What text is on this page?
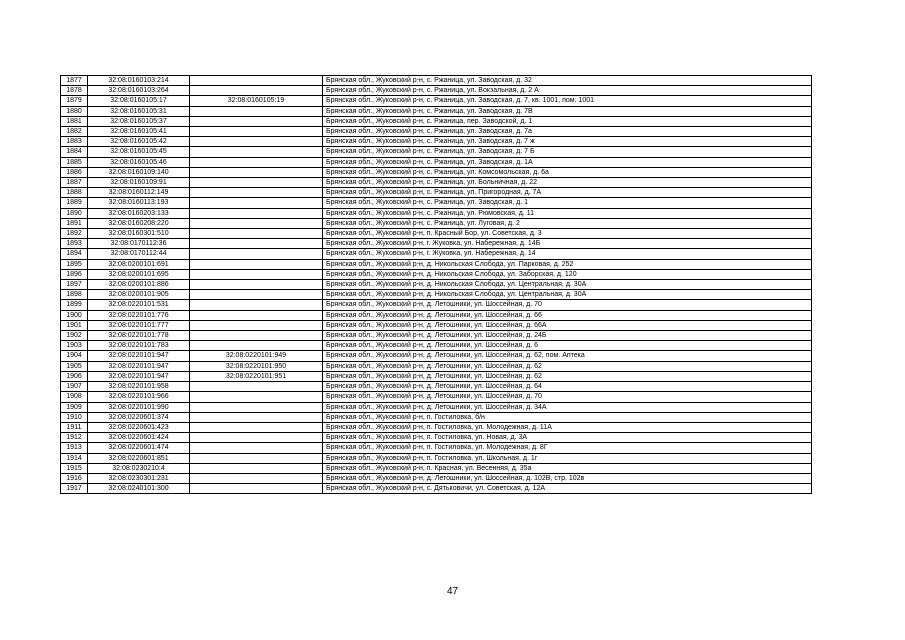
1877	32:08:0160103:214		Брянская обл., Жуковский р-н, с. Ржаница, ул. Заводская, д. 32
1878	32:08:0160103:264		Брянская обл., Жуковский р-н, с. Ржаница, ул. Вокзальная, д. 2 А
1879	32:08:0160105:17	32:08:0160105:19	Брянская обл., Жуковский р-н, с. Ржаница, ул. Заводская, д. 7, кв. 1001, пом. 1001
1880	32:08:0160105:31		Брянская обл., Жуковский р-н, с. Ржаница, ул. Заводская, д. 7В
1881	32:08:0160105:37		Брянская обл., Жуковский р-н, с. Ржаница, пер. Заводской, д. 1
1882	32:08:0160105:41		Брянская обл., Жуковский р-н, с. Ржаница, ул. Заводская, д. 7а
1883	32:08:0160105:42		Брянская обл., Жуковский р-н, с. Ржаница, ул. Заводская, д. 7 ж
1884	32:08:0160105:45		Брянская обл., Жуковский р-н, с. Ржаница, ул. Заводская, д. 7 Б
1885	32:08:0160105:46		Брянская обл., Жуковский р-н, с. Ржаница, ул. Заводская, д. 1А
1886	32:08:0160109:140		Брянская обл., Жуковский р-н, с. Ржаница, ул. Комсомольская, д. 6а
1887	32:08:0160109:91		Брянская обл., Жуковский р-н, с. Ржаница, ул. Больничная, д. 22
1888	32:08:0160112:149		Брянская обл., Жуковский р-н, с. Ржаница, ул. Пригородная, д. 7А
1889	32:08:0160113:193		Брянская обл., Жуковский р-н, с. Ржаница, ул. Заводская, д. 1
1890	32:08:0160203:133		Брянская обл., Жуковский р-н, с. Ржаница, ул. Рюмовская, д. 11
1891	32:08:0160208:220		Брянская обл., Жуковский р-н, с. Ржаница, ул. Луговая, д. 2
1892	32:08:0160301:510		Брянская обл., Жуковский р-н, п. Красный Бор, ул. Советская, д. 3
1893	32:08:0170112:36		Брянская обл., Жуковский р-н, г. Жуковка, ул. Набережная, д. 14Б
1894	32:08:0170112:44		Брянская обл., Жуковский р-н, г. Жуковка, ул. Набережная, д. 14
1895	32:08:0200101:691		Брянская обл., Жуковский р-н, д. Никольская Слобода, ул. Парковая, д. 252
1896	32:08:0200101:695		Брянская обл., Жуковский р-н, д. Никольская Слобода, ул. Заборская, д. 120
1897	32:08:0200101:886		Брянская обл., Жуковский р-н, д. Никольская Слобода, ул. Центральная, д. 30А
1898	32:08:0200101:905		Брянская обл., Жуковский р-н, д. Никольская Слобода, ул. Центральная, д. 30А
1899	32:08:0220101:531		Брянская обл., Жуковский р-н, д. Летошники, ул. Шоссейная, д. 70
1900	32:08:0220101:776		Брянская обл., Жуковский р-н, д. Летошники, ул. Шоссейная, д. 66
1901	32:08:0220101:777		Брянская обл., Жуковский р-н, д. Летошники, ул. Шоссейная, д. 66А
1902	32:08:0220101:778		Брянская обл., Жуковский р-н, д. Летошники, ул. Шоссейная, д. 24Б
1903	32:08:0220101:783		Брянская обл., Жуковский р-н, д. Летошники, ул. Шоссейная, д. 6
1904	32:08:0220101:947	32:08:0220101:949	Брянская обл., Жуковский р-н, д. Летошники, ул. Шоссейная, д. 62, пом. Аптека
1905	32:08:0220101:947	32:08:0220101:950	Брянская обл., Жуковский р-н, д. Летошники, ул. Шоссейная, д. 62
1906	32:08:0220101:947	32:08:0220101:951	Брянская обл., Жуковский р-н, д. Летошники, ул. Шоссейная, д. 62
1907	32:08:0220101:958		Брянская обл., Жуковский р-н, д. Летошники, ул. Шоссейная, д. 64
1908	32:08:0220101:966		Брянская обл., Жуковский р-н, д. Летошники, ул. Шоссейная, д. 70
1909	32:08:0220101:990		Брянская обл., Жуковский р-н, д. Летошники, ул. Шоссейная, д. 34А
1910	32:08:0220601:374		Брянская обл., Жуковский р-н, п. Гостиловка, б/н
1911	32:08:0220601:423		Брянская обл., Жуковский р-н, п. Гостиловка, ул. Молодежная, д. 11А
1912	32:08:0220601:424		Брянская обл., Жуковский р-н, п. Гостиловка, ул. Новая, д. 3А
1913	32:08:0220601:474		Брянская обл., Жуковский р-н, п. Гостиловка, ул. Молодежная, д. 8Г
1914	32:08:0220601:851		Брянская обл., Жуковский р-н, п. Гостиловка, ул. Школьная, д. 1г
1915	32:08:0230210:4		Брянская обл., Жуковский р-н, п. Красная, ул. Весенняя, д. 35а
1916	32:08:0230301:231		Брянская обл., Жуковский р-н, д. Летошники, ул. Шоссейная, д. 102В, стр. 102в
1917	32:08:0240101:300		Брянская обл., Жуковский р-н, с. Дятьковичи, ул. Советская, д. 12А
47
